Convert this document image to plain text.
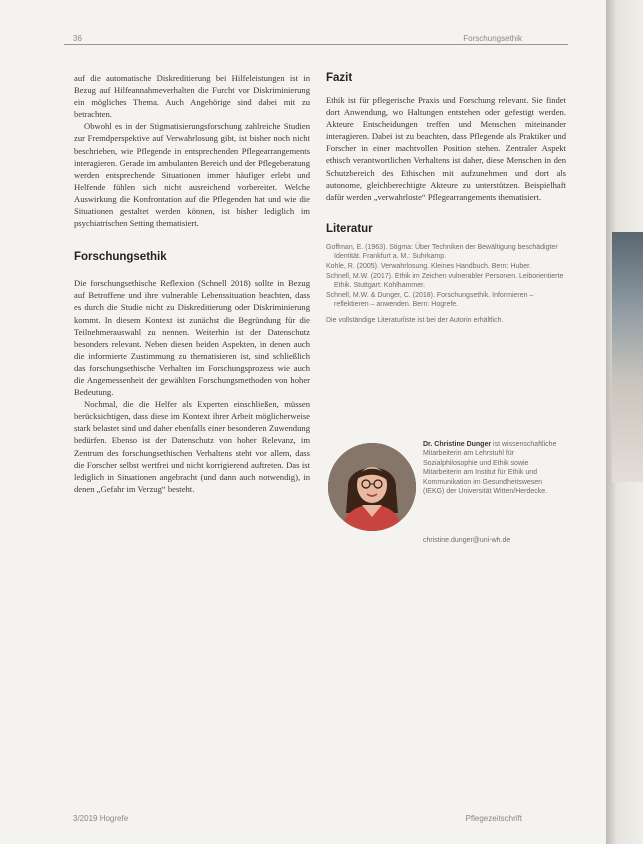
36	Forschungsethik

auf die automatische Diskreditierung bei Hilfeleistungen ist in Bezug auf Hilfeannahmeverhalten die Furcht vor Diskriminierung ein mögliches Thema. Auch Angehörige sind dabei mit zu betrachten.

Obwohl es in der Stigmatisierungsforschung zahlreiche Studien zur Fremdperspektive auf Verwahrlosung gibt, ist bisher noch nicht beschrieben, wie Pflegende in entsprechenden Pflegearrangements interagieren. Gerade im ambulanten Bereich und der Pflegeberatung werden entsprechende Situationen immer häufiger erlebt und Helfende fühlen sich nicht ausreichend vorbereitet. Welche Auswirkung die Konfrontation auf die Pflegenden hat und wie die Situationen gestaltet werden können, ist bisher lediglich im psychiatrischen Setting thematisiert.

Forschungsethik

Die forschungsethische Reflexion (Schnell 2018) sollte in Bezug auf Betroffene und ihre vulnerable Lebenssituation beachten, dass es durch die Studie nicht zu Diskreditierung oder Diskriminierung kommt. In diesem Kontext ist zunächst die Begründung für die Teilnehmerauswahl zu nennen. Weiterhin ist der Datenschutz besonders relevant. Neben diesen beiden Aspekten, in denen auch die informierte Zustimmung zu thematisieren ist, sind schließlich das forschungsethische Verhalten im Forschungsprozess wie auch die Angemessenheit der gewählten Forschungsmethoden von hoher Bedeutung.

Nochmal, die die Helfer als Experten einschließen, müssen berücksichtigen, dass diese im Kontext ihrer Arbeit möglicherweise stark belastet sind und daher ebenfalls einer besonderen Zuwendung bedürfen. Ebenso ist der Datenschutz von hoher Relevanz, im Zentrum des forschungsethischen Verhaltens steht vor allem, dass die Forscher selbst wertfrei und nicht korrigierend auftreten. Das ist lediglich in Situationen angebracht (und dann auch notwendig), in denen „Gefahr im Verzug“ besteht.

Fazit

Ethik ist für pflegerische Praxis und Forschung relevant. Sie findet dort Anwendung, wo Haltungen entstehen oder gefestigt werden. Akteure Entscheidungen treffen und Menschen miteinander interagieren. Dabei ist zu beachten, dass Pflegende als Praktiker und Forscher in einer machtvollen Position stehen. Zentraler Aspekt ethisch verantwortlichen Verhaltens ist daher, diese Menschen in den Schutzbereich des Ethischen mit aufzunehmen und dort als autonome, gleichberechtigte Akteure zu unterstützen. Beispielhaft dafür werden „verwahrloste“ Pflegearrangements thematisiert.

Literatur

Goffman, E. (1963). Stigma: Über Techniken der Bewältigung beschädigter Identität. Frankfurt a. M.: Suhrkamp.

Kohle, R. (2005). Verwahrlosung. Kleines Handbuch. Bern: Huber.

Schnell, M.W. (2017). Ethik im Zeichen vulnerabler Personen. Leiborientierte Ethik. Stuttgart: Kohlhammer.

Schnell, M.W. & Dunger, C. (2018). Forschungsethik. Informieren – reflektieren – anwenden. Bern: Hogrefe.

Die vollständige Literaturliste ist bei der Autorin erhältlich.

Dr. Christine Dunger ist wissenschaftliche Mitarbeiterin am Lehrstuhl für Sozialphilosophie und Ethik sowie Mitarbeiterin am Institut für Ethik und Kommunikation im Gesundheitswesen (IEKG) der Universität Witten/Herdecke.
christine.dunger@uni-wh.de
3/2019 Hogrefe	Pflegezeitschrift
